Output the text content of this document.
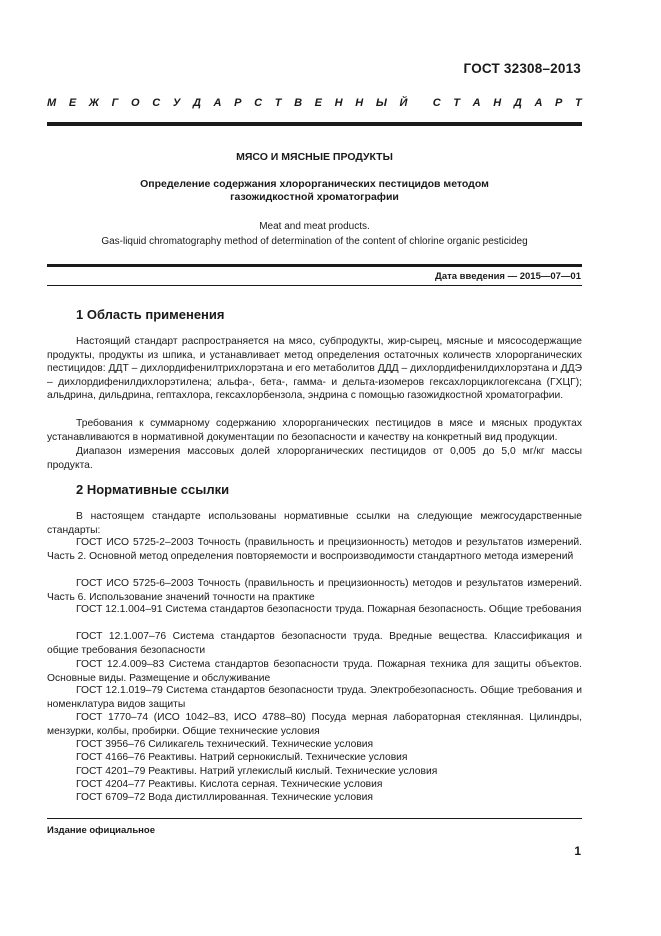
ГОСТ 32308–2013
М Е Ж Г О С У Д А Р С Т В Е Н Н Ы Й С Т А Н Д А Р Т
МЯСО И МЯСНЫЕ ПРОДУКТЫ
Определение содержания хлорорганических пестицидов методом
газожидкостной хроматографии
Meat and meat products.
Gas-liquid chromatography method of determination of the content of chlorine organic pesticideg
Дата введения — 2015—07—01
1 Область применения

Настоящий стандарт распространяется на мясо, субпродукты, жир-сырец, мясные и мясосодержащие продукты, продукты из шпика, и устанавливает метод определения остаточных количеств хлорорганических пестицидов: ДДТ – дихлордифенилтрихлорэтана и его метаболитов ДДД – дихлордифенилдихлорэтана и ДДЭ – дихлордифенилдихлорэтилена; альфа-, бета-, гамма- и дельта-изомеров гексахлорциклогексана (ГХЦГ); альдрина, дильдрина, гептахлора, гексахлорбензола, эндрина с помощью газожидкостной хроматографии.

Требования к суммарному содержанию хлорорганических пестицидов в мясе и мясных продуктах устанавливаются в нормативной документации по безопасности и качеству на конкретный вид продукции.

Диапазон измерения массовых долей хлорорганических пестицидов от 0,005 до 5,0 мг/кг массы продукта.

2 Нормативные ссылки

В настоящем стандарте использованы нормативные ссылки на следующие межгосударственные стандарты:

ГОСТ ИСО 5725-2–2003 Точность (правильность и прецизионность) методов и результатов измерений. Часть 2. Основной метод определения повторяемости и воспроизводимости стандартного метода измерений

ГОСТ ИСО 5725-6–2003 Точность (правильность и прецизионность) методов и результатов измерений. Часть 6. Использование значений точности на практике

ГОСТ 12.1.004–91 Система стандартов безопасности труда. Пожарная безопасность. Общие требования

ГОСТ 12.1.007–76 Система стандартов безопасности труда. Вредные вещества. Классификация и общие требования безопасности

ГОСТ 12.4.009–83 Система стандартов безопасности труда. Пожарная техника для защиты объектов. Основные виды. Размещение и обслуживание

ГОСТ 12.1.019–79 Система стандартов безопасности труда. Электробезопасность. Общие требования и номенклатура видов защиты

ГОСТ 1770–74 (ИСО 1042–83, ИСО 4788–80) Посуда мерная лабораторная стеклянная. Цилиндры, мензурки, колбы, пробирки. Общие технические условия

ГОСТ 3956–76 Силикагель технический. Технические условия

ГОСТ 4166–76 Реактивы. Натрий сернокислый. Технические условия

ГОСТ 4201–79 Реактивы. Натрий углекислый кислый. Технические условия

ГОСТ 4204–77 Реактивы. Кислота серная. Технические условия

ГОСТ 6709–72 Вода дистиллированная. Технические условия

Издание официальное
1
